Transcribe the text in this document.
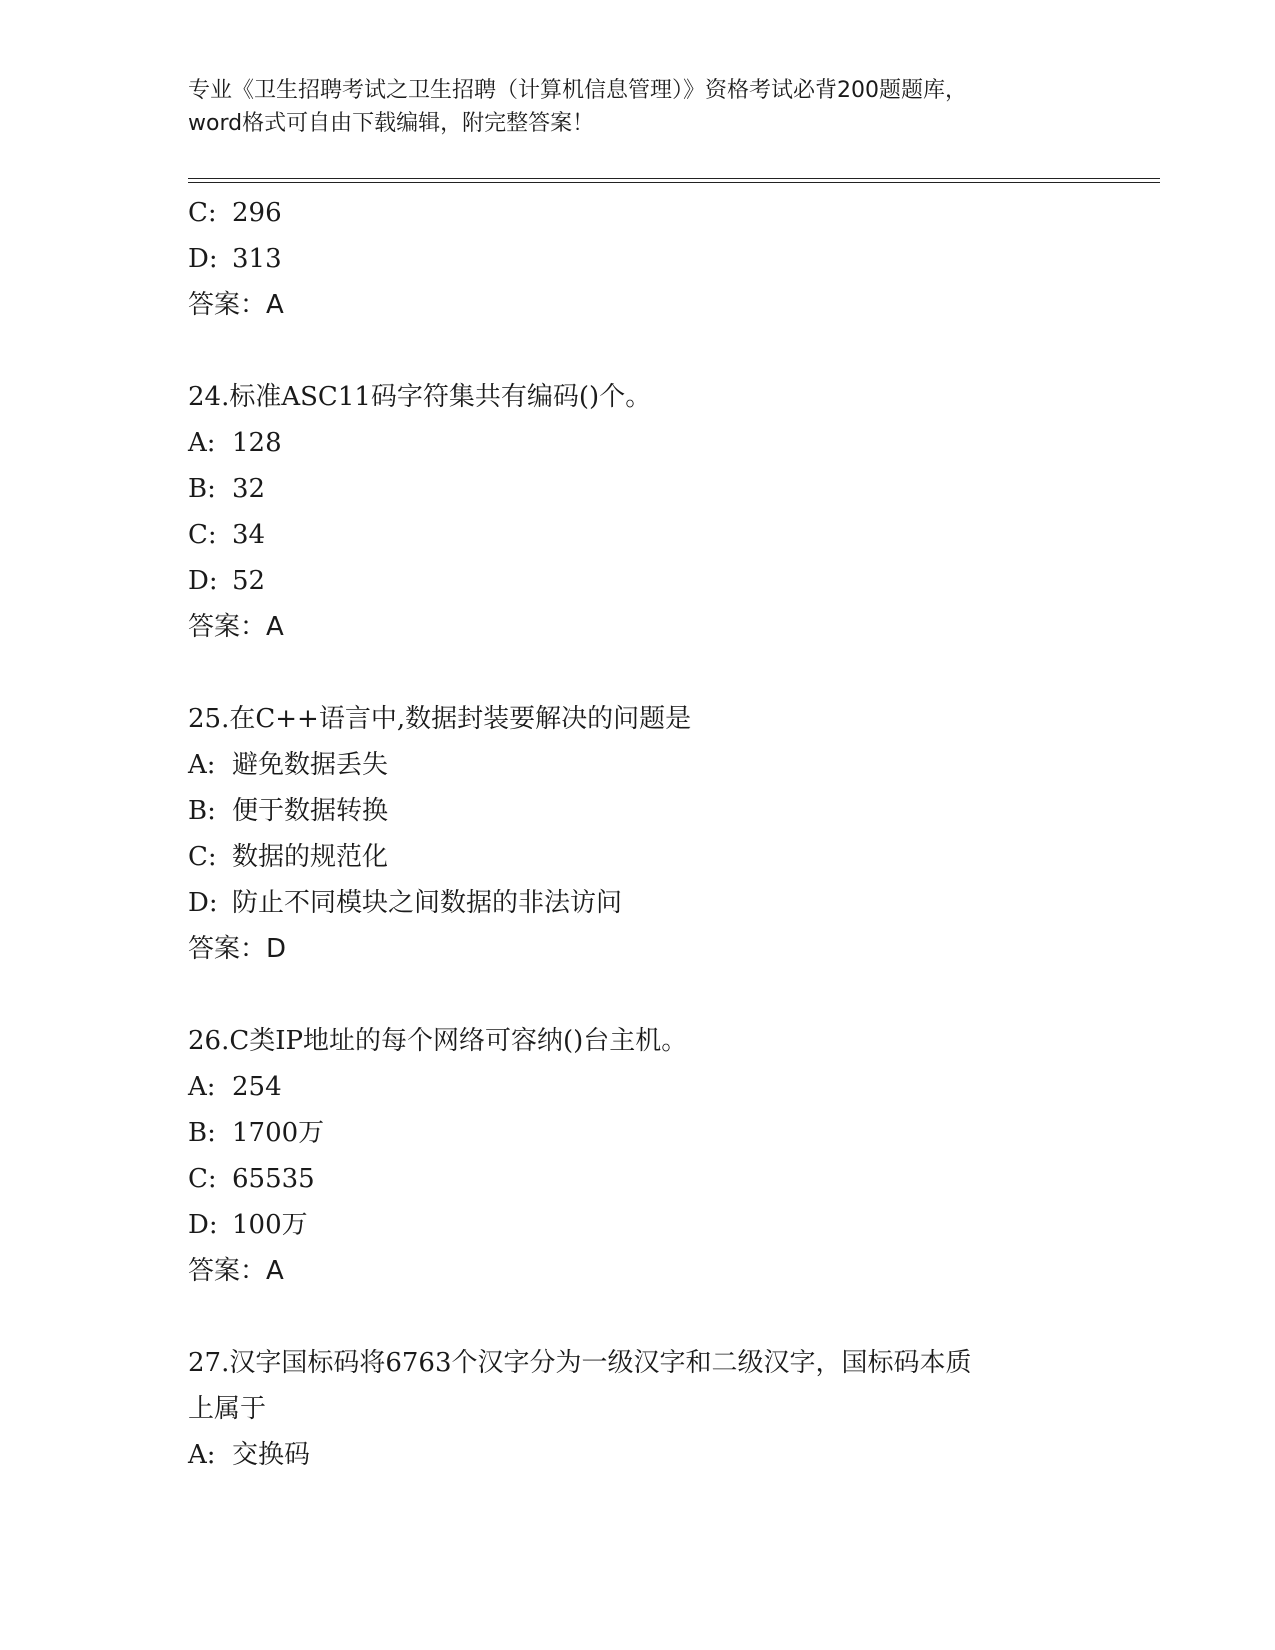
专业《卫生招聘考试之卫生招聘（计算机信息管理）》资格考试必背200题题库，
word格式可自由下载编辑，附完整答案！
C: 296
D: 313
答案：A
24.标准ASC11码字符集共有编码()个。
A: 128
B: 32
C: 34
D: 52
答案：A
25.在C++语言中,数据封装要解决的问题是
A: 避免数据丢失
B: 便于数据转换
C: 数据的规范化
D: 防止不同模块之间数据的非法访问
答案：D
26.C类IP地址的每个网络可容纳()台主机。
A: 254
B: 1700万
C: 65535
D: 100万
答案：A
27.汉字国标码将6763个汉字分为一级汉字和二级汉字，国标码本质
上属于
A: 交换码
